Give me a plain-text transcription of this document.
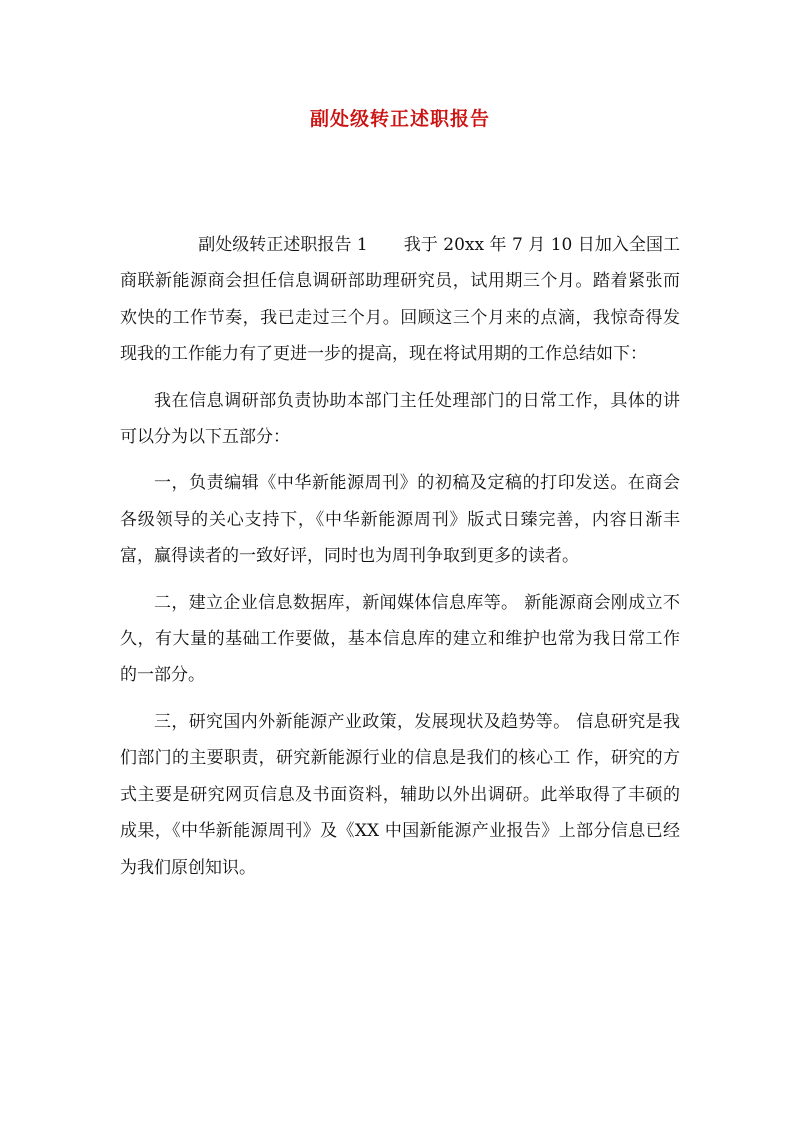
副处级转正述职报告

副处级转正述职报告 1 我于 20xx 年 7 月 10 日加入全国工商联新能源商会担任信息调研部助理研究员，试用期三个月。踏着紧张而欢快的工作节奏，我已走过三个月。回顾这三个月来的点滴，我惊奇得发现我的工作能力有了更进一步的提高，现在将试用期的工作总结如下：

我在信息调研部负责协助本部门主任处理部门的日常工作，具体的讲可以分为以下五部分：

一，负责编辑《中华新能源周刊》的初稿及定稿的打印发送。在商会各级领导的关心支持下，《中华新能源周刊》版式日臻完善，内容日渐丰富，赢得读者的一致好评，同时也为周刊争取到更多的读者。

二，建立企业信息数据库，新闻媒体信息库等。 新能源商会刚成立不久，有大量的基础工作要做，基本信息库的建立和维护也常为我日常工作的一部分。

三，研究国内外新能源产业政策，发展现状及趋势等。 信息研究是我们部门的主要职责，研究新能源行业的信息是我们的核心工 作，研究的方式主要是研究网页信息及书面资料，辅助以外出调研。此举取得了丰硕的成果，《中华新能源周刊》及《XX 中国新能源产业报告》上部分信息已经为我们原创知识。
